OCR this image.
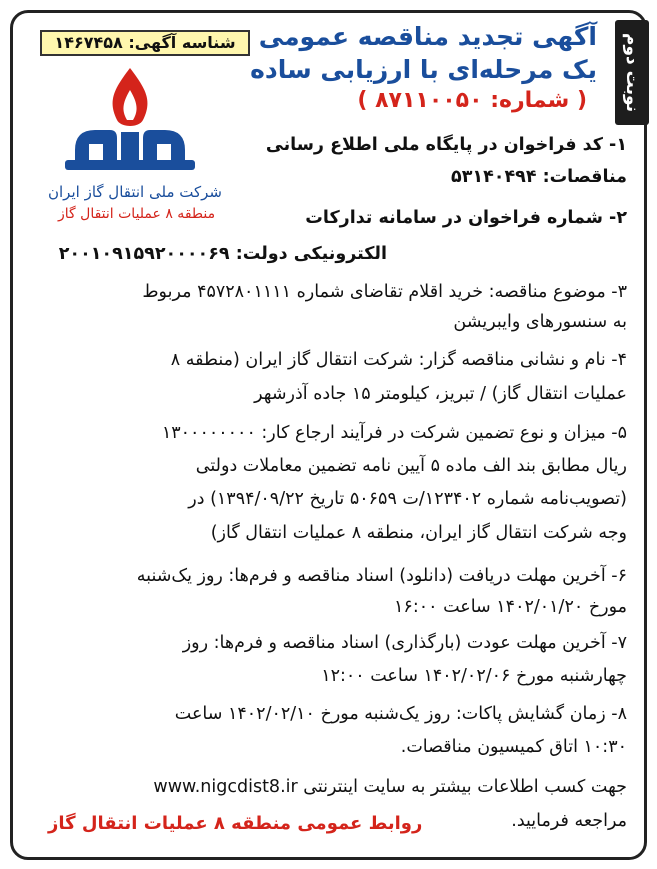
نوبت دوم
آگهی تجدید مناقصه عمومی
یک مرحله‌ای با ارزیابی ساده
( شماره: ۸۷۱۱۰۰۵۰ )
شناسه آگهی: ۱۴۶۷۴۵۸
شرکت ملی انتقال گاز ایران
منطقه ۸ عملیات انتقال گاز
۱- کد فراخوان در پایگاه ملی اطلاع رسانی
مناقصات: ۵۳۱۴۰۴۹۴
۲- شماره فراخوان در سامانه تدارکات
الکترونیکی دولت: ۲۰۰۱۰۹۱۵۹۲۰۰۰۰۶۹
۳- موضوع مناقصه: خرید اقلام تقاضای شماره ۴۵۷۲۸۰۱۱۱۱ مربوط
به سنسورهای وایبریشن
۴- نام و نشانی مناقصه گزار: شرکت انتقال گاز ایران (منطقه ۸
عملیات انتقال گاز) / تبریز، کیلومتر ۱۵ جاده آذرشهر
۵- میزان و نوع تضمین شرکت در فرآیند ارجاع کار: ۱۳۰۰۰۰۰۰۰۰
ریال مطابق بند الف ماده ۵ آیین نامه تضمین معاملات دولتی
(تصویب‌نامه شماره ۱۲۳۴۰۲/ت ۵۰۶۵۹ تاریخ ۱۳۹۴/۰۹/۲۲) در
وجه شرکت انتقال گاز ایران، منطقه ۸ عملیات انتقال گاز)
۶- آخرین مهلت دریافت (دانلود) اسناد مناقصه و فرم‌ها: روز یک‌شنبه
مورخ ۱۴۰۲/۰۱/۲۰ ساعت ۱۶:۰۰
۷- آخرین مهلت عودت (بارگذاری) اسناد مناقصه و فرم‌ها: روز
چهارشنبه مورخ ۱۴۰۲/۰۲/۰۶ ساعت ۱۲:۰۰
۸- زمان گشایش پاکات: روز یک‌شنبه مورخ ۱۴۰۲/۰۲/۱۰ ساعت
۱۰:۳۰ اتاق کمیسیون مناقصات.
جهت کسب اطلاعات بیشتر به سایت اینترنتی www.nigcdist8.ir
مراجعه فرمایید.
روابط عمومی منطقه ۸ عملیات انتقال گاز
